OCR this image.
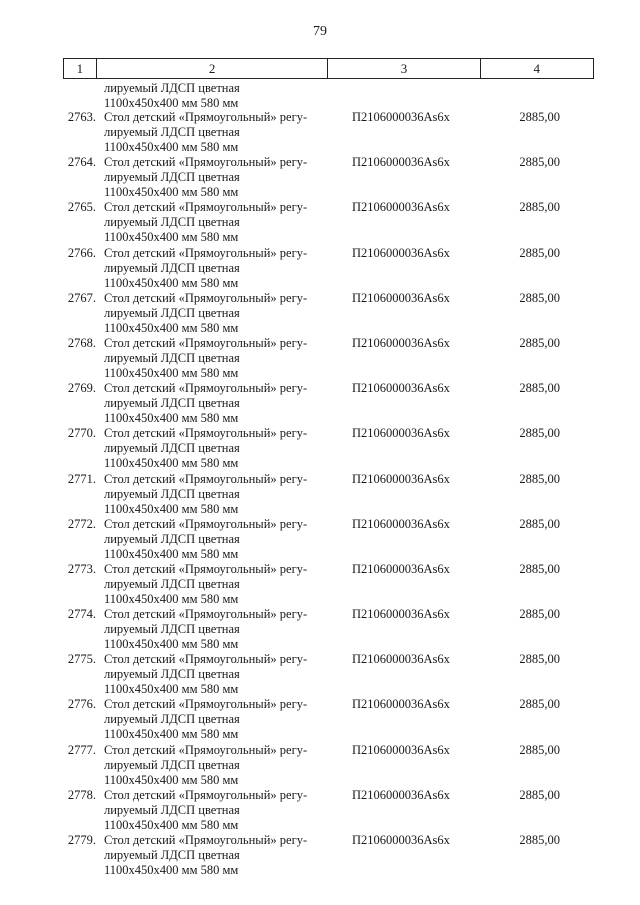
79
1	2	3	4
лируемый ЛДСП цветная
1100x450x400 мм 580 мм
2763. Стол детский «Прямоугольный» регу-
лируемый ЛДСП цветная
1100x450x400 мм 580 мм
П2106000036Аs6x	2885,00
2764. Стол детский «Прямоугольный» регу-
лируемый ЛДСП цветная
1100x450x400 мм 580 мм
П2106000036Аs6x	2885,00
2765. Стол детский «Прямоугольный» регу-
лируемый ЛДСП цветная
1100x450x400 мм 580 мм
П2106000036Аs6x	2885,00
2766. Стол детский «Прямоугольный» регу-
лируемый ЛДСП цветная
1100x450x400 мм 580 мм
П2106000036Аs6x	2885,00
2767. Стол детский «Прямоугольный» регу-
лируемый ЛДСП цветная
1100x450x400 мм 580 мм
П2106000036Аs6x	2885,00
2768. Стол детский «Прямоугольный» регу-
лируемый ЛДСП цветная
1100x450x400 мм 580 мм
П2106000036Аs6x	2885,00
2769. Стол детский «Прямоугольный» регу-
лируемый ЛДСП цветная
1100x450x400 мм 580 мм
П2106000036Аs6x	2885,00
2770. Стол детский «Прямоугольный» регу-
лируемый ЛДСП цветная
1100x450x400 мм 580 мм
П2106000036Аs6x	2885,00
2771. Стол детский «Прямоугольный» регу-
лируемый ЛДСП цветная
1100x450x400 мм 580 мм
П2106000036Аs6x	2885,00
2772. Стол детский «Прямоугольный» регу-
лируемый ЛДСП цветная
1100x450x400 мм 580 мм
П2106000036Аs6x	2885,00
2773. Стол детский «Прямоугольный» регу-
лируемый ЛДСП цветная
1100x450x400 мм 580 мм
П2106000036Аs6x	2885,00
2774. Стол детский «Прямоугольный» регу-
лируемый ЛДСП цветная
1100x450x400 мм 580 мм
П2106000036Аs6x	2885,00
2775. Стол детский «Прямоугольный» регу-
лируемый ЛДСП цветная
1100x450x400 мм 580 мм
П2106000036Аs6x	2885,00
2776. Стол детский «Прямоугольный» регу-
лируемый ЛДСП цветная
1100x450x400 мм 580 мм
П2106000036Аs6x	2885,00
2777. Стол детский «Прямоугольный» регу-
лируемый ЛДСП цветная
1100x450x400 мм 580 мм
П2106000036Аs6x	2885,00
2778. Стол детский «Прямоугольный» регу-
лируемый ЛДСП цветная
1100x450x400 мм 580 мм
П2106000036Аs6x	2885,00
2779. Стол детский «Прямоугольный» регу-
лируемый ЛДСП цветная
1100x450x400 мм 580 мм
П2106000036Аs6x	2885,00
